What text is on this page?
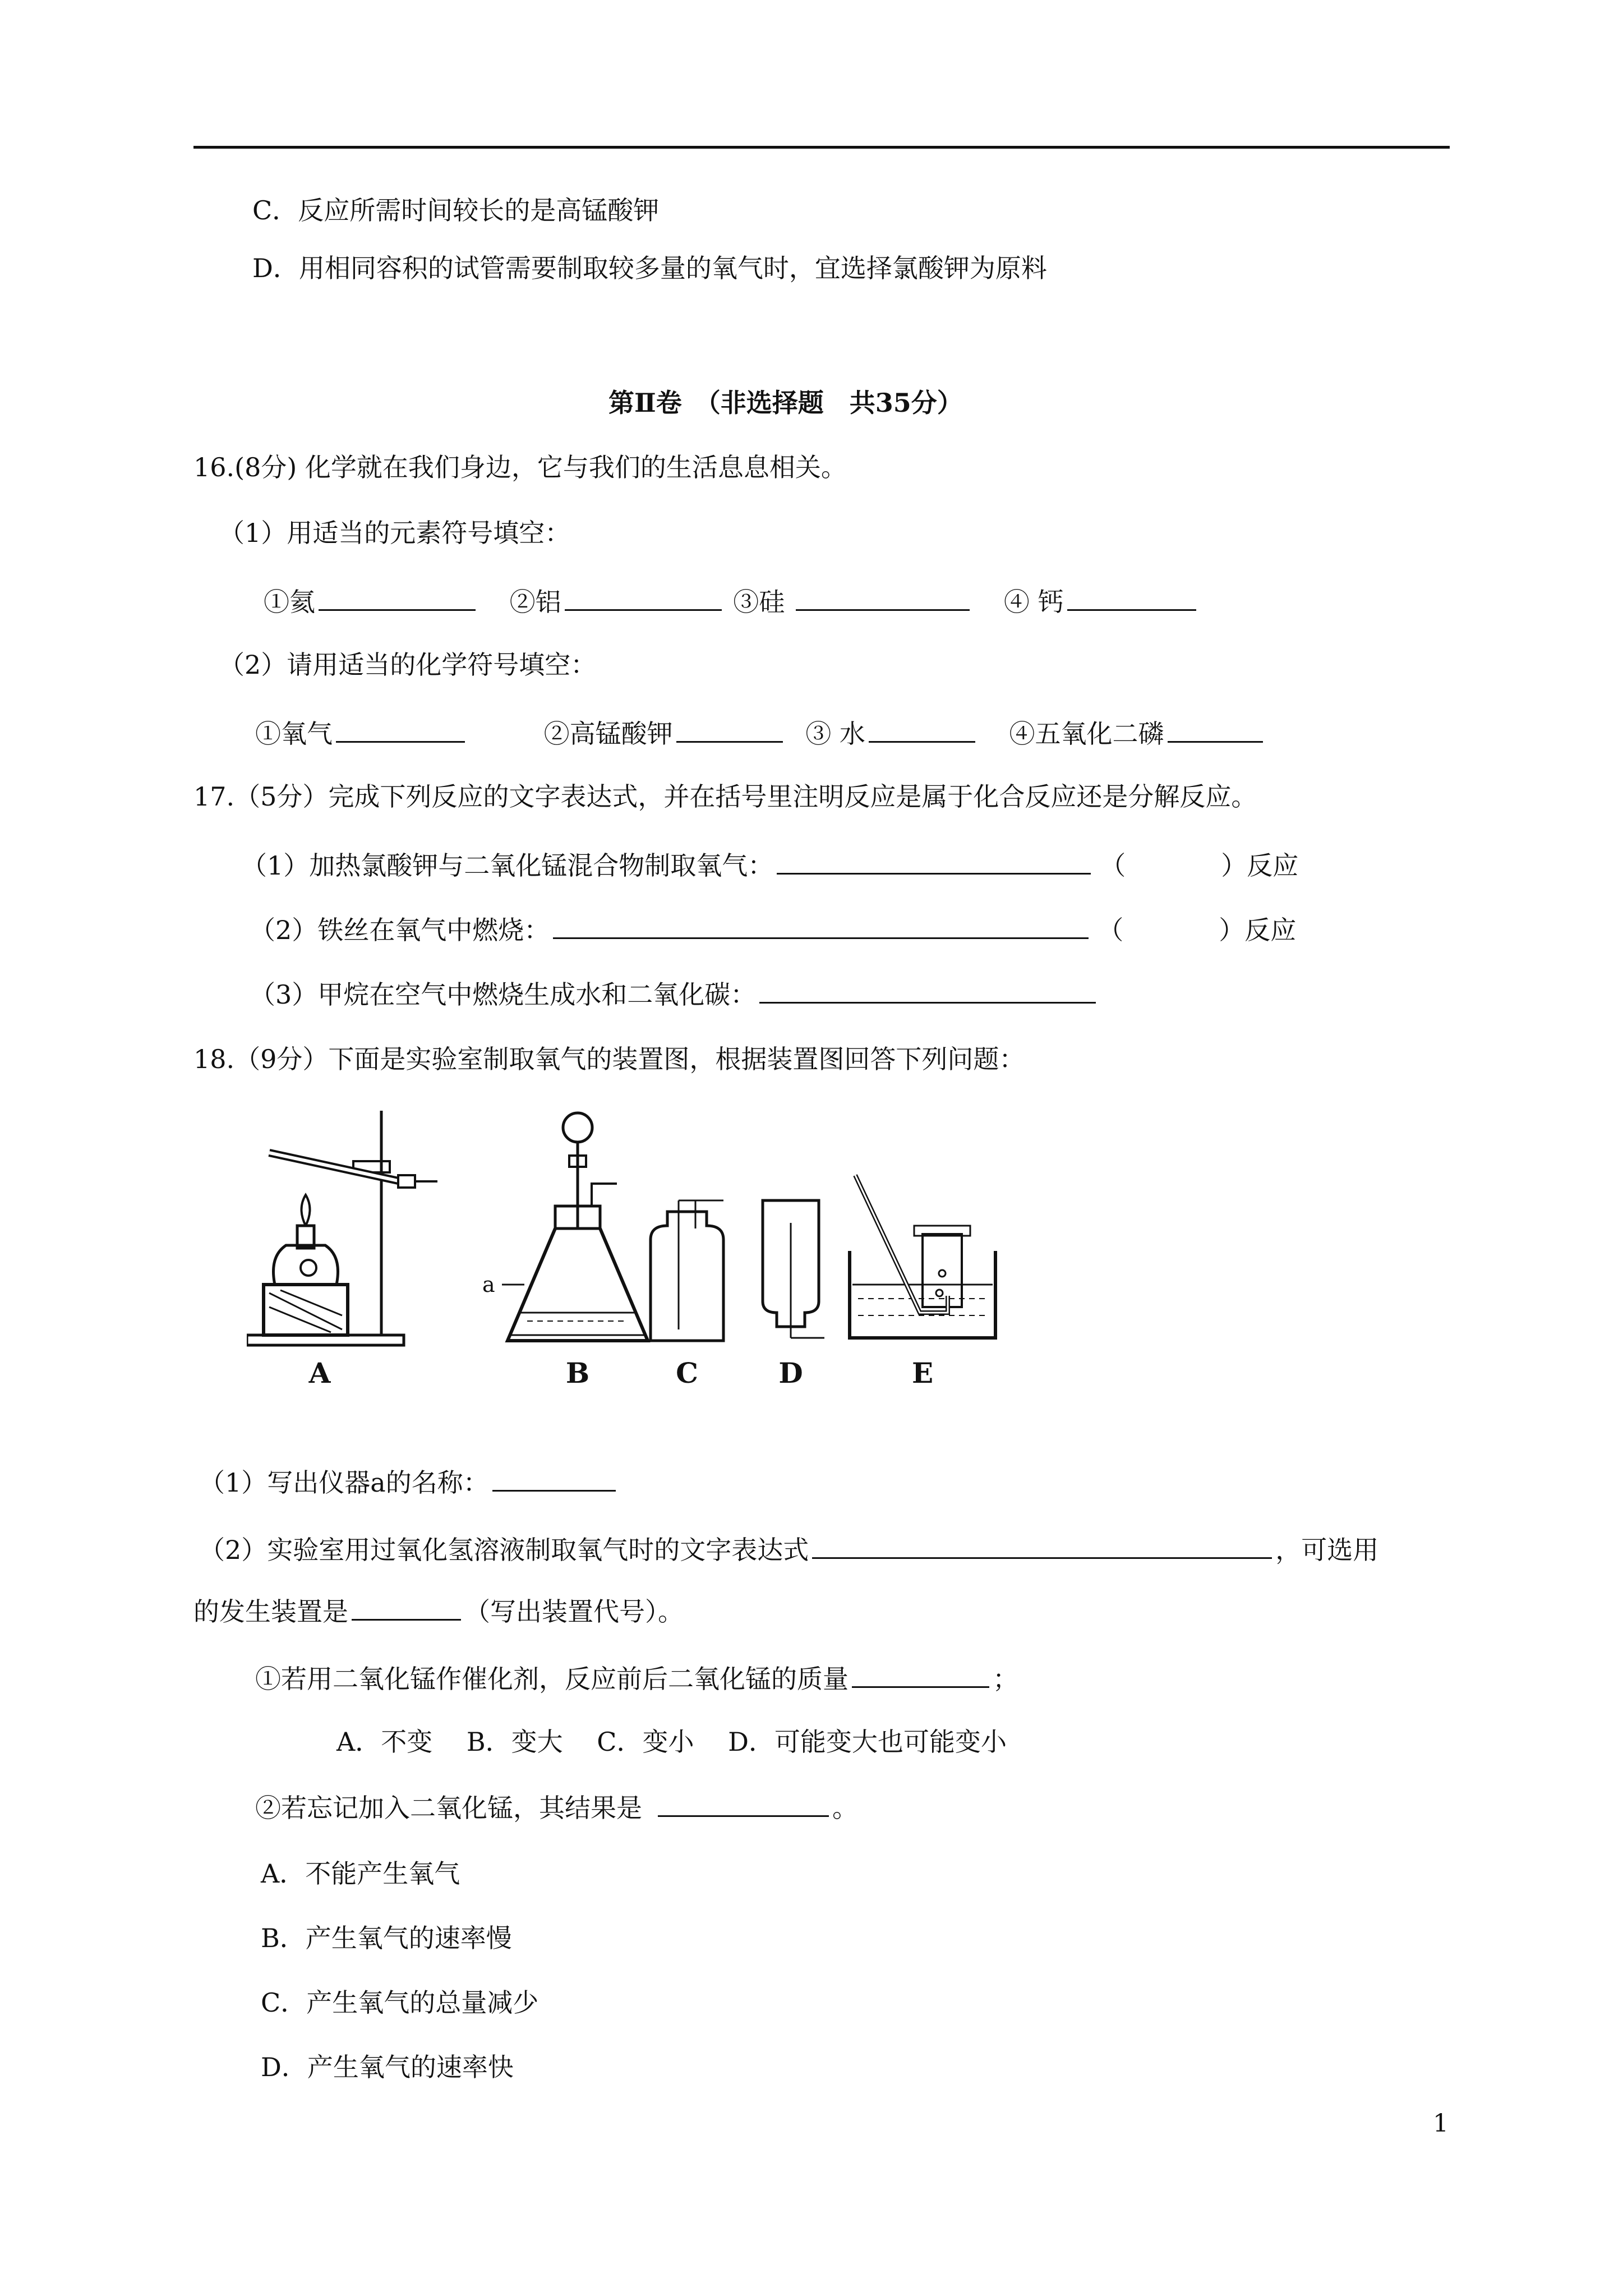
C．反应所需时间较长的是高锰酸钾
D．用相同容积的试管需要制取较多量的氧气时，宜选择氯酸钾为原料
第Ⅱ卷　（非选择题　共35分）
16.(8分) 化学就在我们身边，它与我们的生活息息相关。
（1）用适当的元素符号填空：
①氦	②铝	③硅	④ 钙
（2）请用适当的化学符号填空：
①氧气	②高锰酸钾	③ 水	④五氧化二磷
17.（5分）完成下列反应的文字表达式，并在括号里注明反应是属于化合反应还是分解反应。
（1）加热氯酸钾与二氧化锰混合物制取氧气：	（	）反应
（2）铁丝在氧气中燃烧：	（	）反应
（3）甲烷在空气中燃烧生成水和二氧化碳：
18.（9分）下面是实验室制取氧气的装置图，根据装置图回答下列问题：
a
A	B	C	D	E
（1）写出仪器a的名称：
（2）实验室用过氧化氢溶液制取氧气时的文字表达式	，可选用
的发生装置是	（写出装置代号）。
①若用二氧化锰作催化剂，反应前后二氧化锰的质量	；
A．不变　 B．变大　 C．变小　 D．可能变大也可能变小
②若忘记加入二氧化锰，其结果是	。
A．不能产生氧气
B．产生氧气的速率慢
C．产生氧气的总量减少
D．产生氧气的速率快
1
